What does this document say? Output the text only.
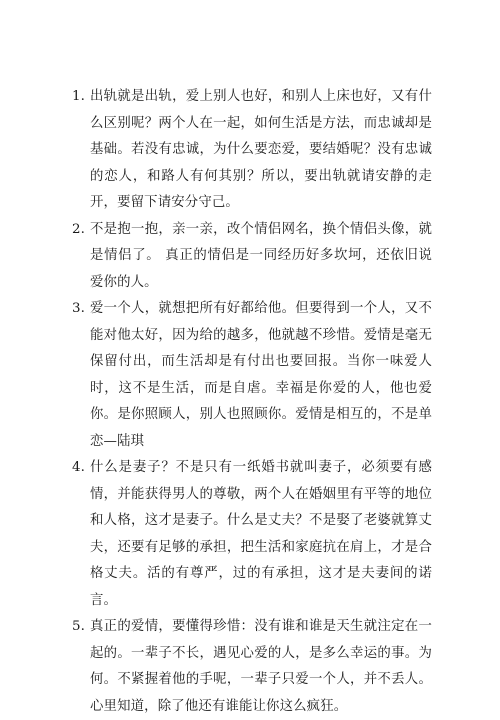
1. 出轨就是出轨，爱上别人也好，和别人上床也好，又有什么区别呢？两个人在一起，如何生活是方法，而忠诚却是基础。若没有忠诚，为什么要恋爱，要结婚呢？没有忠诚的恋人，和路人有何其别？所以，要出轨就请安静的走开，要留下请安分守己。
2. 不是抱一抱，亲一亲，改个情侣网名，换个情侣头像，就是情侣了。 真正的情侣是一同经历好多坎坷，还依旧说爱你的人。
3. 爱一个人，就想把所有好都给他。但要得到一个人，又不能对他太好，因为给的越多，他就越不珍惜。爱情是毫无保留付出，而生活却是有付出也要回报。当你一味爱人时，这不是生活，而是自虐。幸福是你爱的人，他也爱你。是你照顾人，别人也照顾你。爱情是相互的，不是单恋—陆琪
4. 什么是妻子？不是只有一纸婚书就叫妻子，必须要有感情，并能获得男人的尊敬，两个人在婚姻里有平等的地位和人格，这才是妻子。什么是丈夫？不是娶了老婆就算丈夫，还要有足够的承担，把生活和家庭抗在肩上，才是合格丈夫。活的有尊严，过的有承担，这才是夫妻间的诺言。
5. 真正的爱情，要懂得珍惜：没有谁和谁是天生就注定在一起的。一辈子不长，遇见心爱的人，是多么幸运的事。为何。不紧握着他的手呢，一辈子只爱一个人，并不丢人。心里知道，除了他还有谁能让你这么疯狂。
